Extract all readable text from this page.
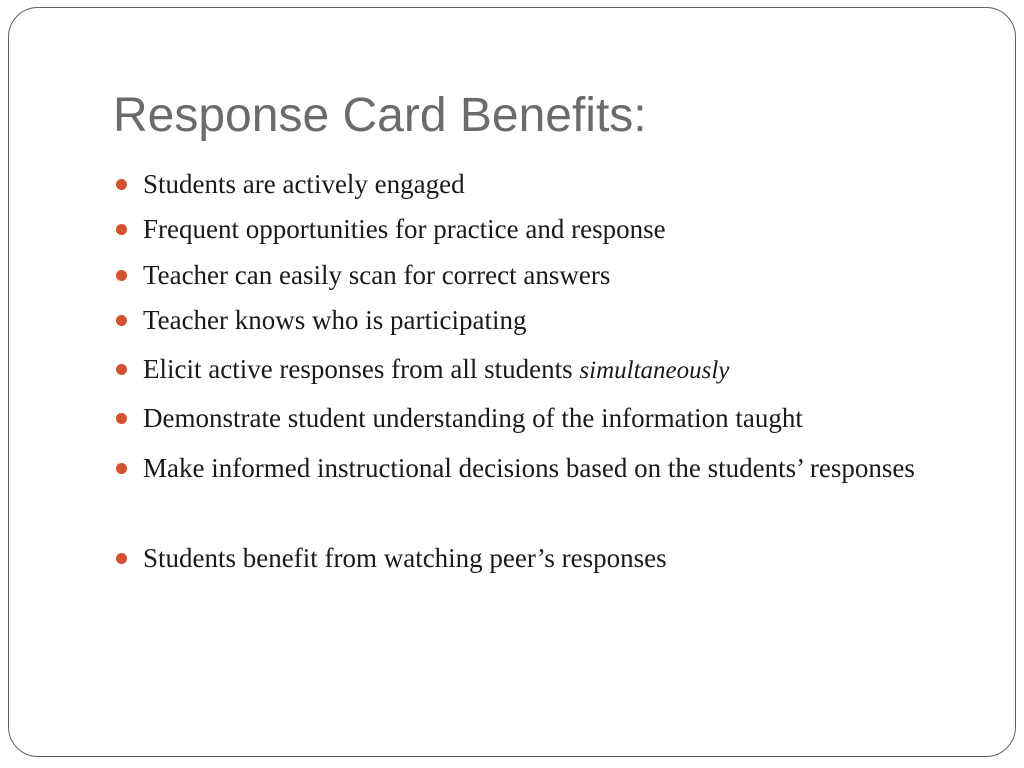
Response Card Benefits:
Students are actively engaged
Frequent opportunities for practice and response
Teacher can easily scan for correct answers
Teacher knows who is participating
Elicit active responses from all students simultaneously
Demonstrate student understanding of the information taught
Make informed instructional decisions based on the students’ responses
Students benefit from watching peer’s responses
